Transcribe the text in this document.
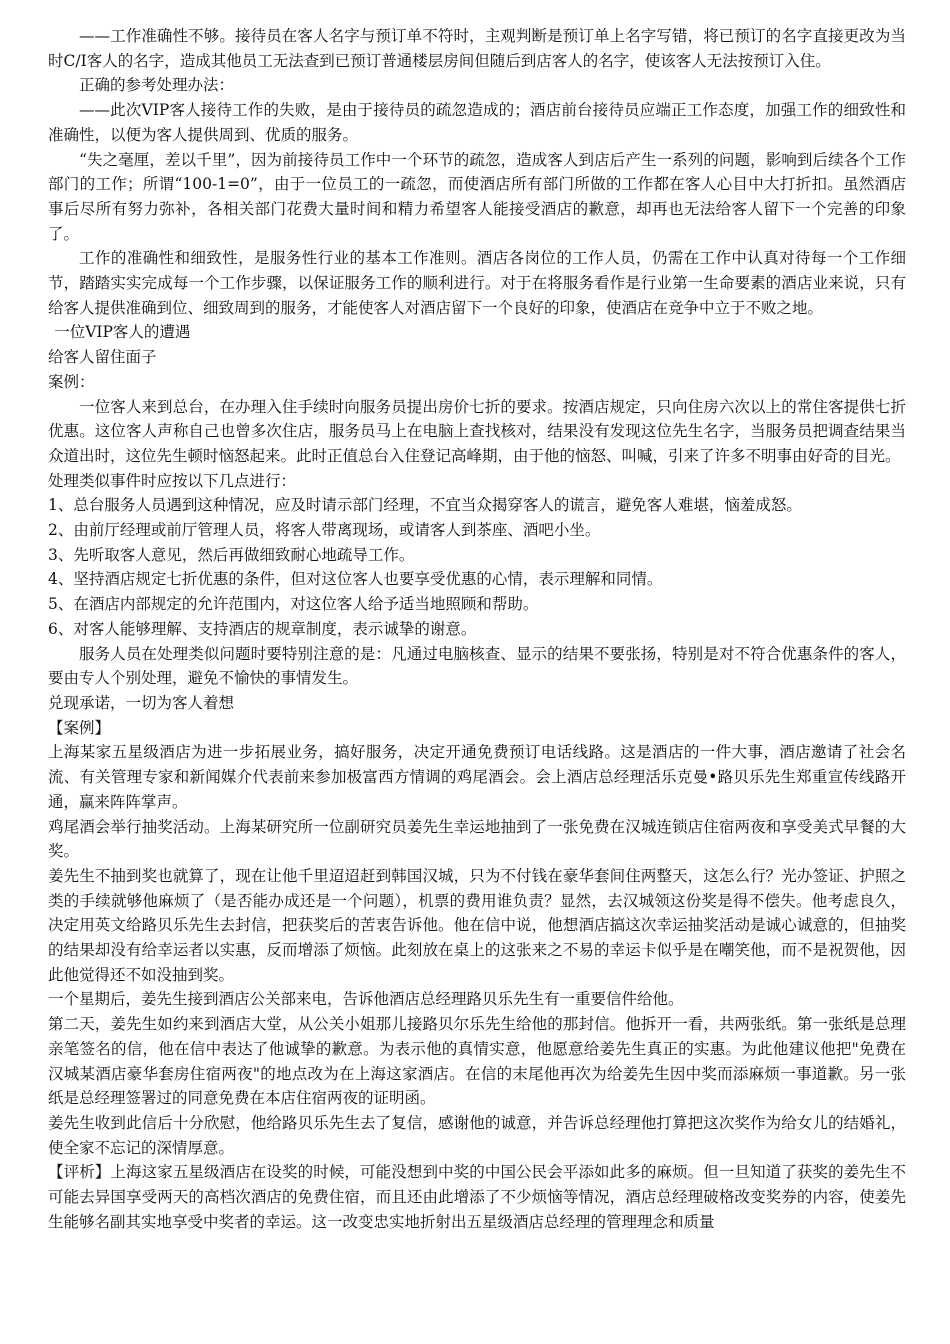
——工作准确性不够。接待员在客人名字与预订单不符时，主观判断是预订单上名字写错，将已预订的名字直接更改为当时C/I客人的名字，造成其他员工无法查到已预订普通楼层房间但随后到店客人的名字，使该客人无法按预订入住。

正确的参考处理办法：

——此次VIP客人接待工作的失败，是由于接待员的疏忽造成的；酒店前台接待员应端正工作态度，加强工作的细致性和准确性，以便为客人提供周到、优质的服务。

“失之毫厘，差以千里”，因为前接待员工作中一个环节的疏忽，造成客人到店后产生一系列的问题，影响到后续各个工作部门的工作；所谓“100-1=0”，由于一位员工的一疏忽，而使酒店所有部门所做的工作都在客人心目中大打折扣。虽然酒店事后尽所有努力弥补，各相关部门花费大量时间和精力希望客人能接受酒店的歉意，却再也无法给客人留下一个完善的印象了。

工作的准确性和细致性，是服务性行业的基本工作准则。酒店各岗位的工作人员，仍需在工作中认真对待每一个工作细节，踏踏实实完成每一个工作步骤，以保证服务工作的顺利进行。对于在将服务看作是行业第一生命要素的酒店业来说，只有给客人提供准确到位、细致周到的服务，才能使客人对酒店留下一个良好的印象，使酒店在竞争中立于不败之地。

一位VIP客人的遭遇

给客人留住面子

案例：

一位客人来到总台，在办理入住手续时向服务员提出房价七折的要求。按酒店规定，只向住房六次以上的常住客提供七折优惠。这位客人声称自己也曾多次住店，服务员马上在电脑上查找核对，结果没有发现这位先生名字，当服务员把调查结果当众道出时，这位先生顿时恼怒起来。此时正值总台入住登记高峰期，由于他的恼怒、叫喊，引来了许多不明事由好奇的目光。

处理类似事件时应按以下几点进行：

1、总台服务人员遇到这种情况，应及时请示部门经理，不宜当众揭穿客人的谎言，避免客人难堪，恼羞成怒。

2、由前厅经理或前厅管理人员，将客人带离现场，或请客人到茶座、酒吧小坐。

3、先听取客人意见，然后再做细致耐心地疏导工作。

4、坚持酒店规定七折优惠的条件，但对这位客人也要享受优惠的心情，表示理解和同情。

5、在酒店内部规定的允许范围内，对这位客人给予适当地照顾和帮助。

6、对客人能够理解、支持酒店的规章制度，表示诚挚的谢意。

服务人员在处理类似问题时要特别注意的是：凡通过电脑核查、显示的结果不要张扬，特别是对不符合优惠条件的客人，要由专人个别处理，避免不愉快的事情发生。

兑现承诺，一切为客人着想

【案例】

上海某家五星级酒店为进一步拓展业务，搞好服务，决定开通免费预订电话线路。这是酒店的一件大事，酒店邀请了社会名流、有关管理专家和新闻媒介代表前来参加极富西方情调的鸡尾酒会。会上酒店总经理活乐克曼•路贝乐先生郑重宣传线路开通，赢来阵阵掌声。

鸡尾酒会举行抽奖活动。上海某研究所一位副研究员姜先生幸运地抽到了一张免费在汉城连锁店住宿两夜和享受美式早餐的大奖。

姜先生不抽到奖也就算了，现在让他千里迢迢赶到韩国汉城，只为不付钱在豪华套间住两整天，这怎么行？光办签证、护照之类的手续就够他麻烦了（是否能办成还是一个问题），机票的费用谁负责？显然，去汉城领这份奖是得不偿失。他考虑良久，决定用英文给路贝乐先生去封信，把获奖后的苦衷告诉他。他在信中说，他想酒店搞这次幸运抽奖活动是诚心诚意的，但抽奖的结果却没有给幸运者以实惠，反而增添了烦恼。此刻放在桌上的这张来之不易的幸运卡似乎是在嘲笑他，而不是祝贺他，因此他觉得还不如没抽到奖。

一个星期后，姜先生接到酒店公关部来电，告诉他酒店总经理路贝乐先生有一重要信件给他。

第二天，姜先生如约来到酒店大堂，从公关小姐那儿接路贝尔乐先生给他的那封信。他拆开一看，共两张纸。第一张纸是总理亲笔签名的信，他在信中表达了他诚挚的歉意。为表示他的真情实意，他愿意给姜先生真正的实惠。为此他建议他把"免费在汉城某酒店豪华套房住宿两夜"的地点改为在上海这家酒店。在信的末尾他再次为给姜先生因中奖而添麻烦一事道歉。另一张纸是总经理签署过的同意免费在本店住宿两夜的证明函。

姜先生收到此信后十分欣慰，他给路贝乐先生去了复信，感谢他的诚意，并告诉总经理他打算把这次奖作为给女儿的结婚礼，使全家不忘记的深情厚意。

【评析】上海这家五星级酒店在设奖的时候，可能没想到中奖的中国公民会平添如此多的麻烦。但一旦知道了获奖的姜先生不可能去异国享受两天的高档次酒店的免费住宿，而且还由此增添了不少烦恼等情况，酒店总经理破格改变奖券的内容，使姜先生能够名副其实地享受中奖者的幸运。这一改变忠实地折射出五星级酒店总经理的管理理念和质量
